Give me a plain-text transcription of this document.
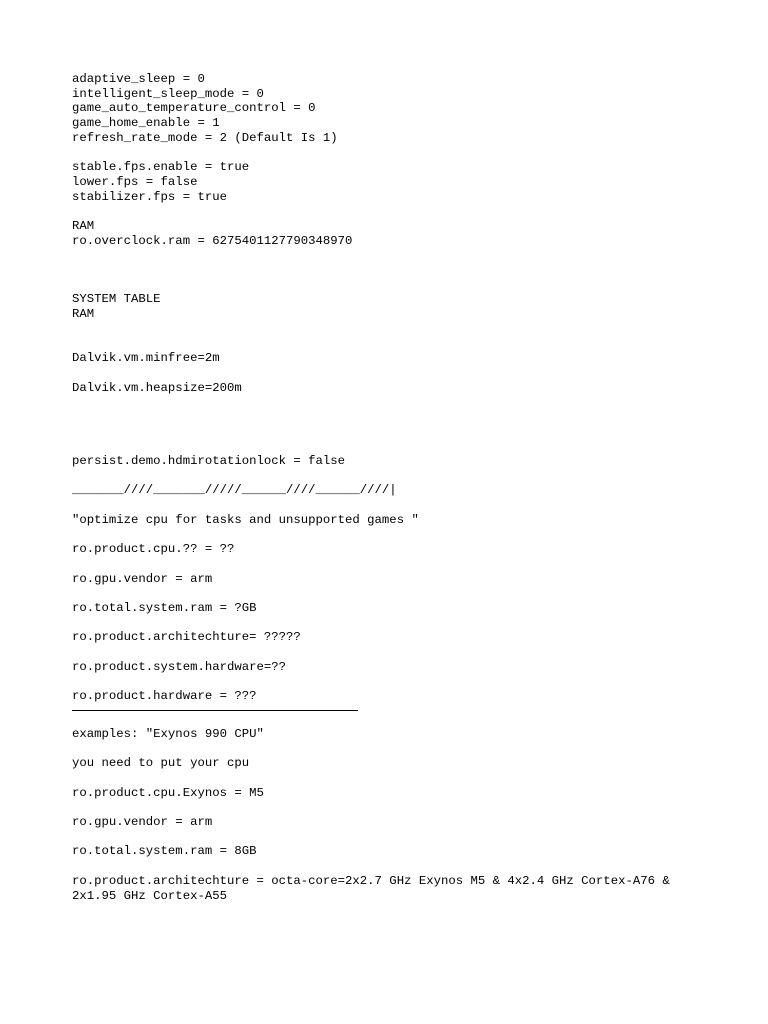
adaptive_sleep = 0

intelligent_sleep_mode = 0

game_auto_temperature_control = 0

game_home_enable = 1

refresh_rate_mode = 2 (Default Is 1)

stable.fps.enable = true

lower.fps = false

stabilizer.fps = true

RAM

ro.overclock.ram = 6275401127790348970

SYSTEM TABLE

RAM

Dalvik.vm.minfree=2m

Dalvik.vm.heapsize=200m

persist.demo.hdmirotationlock = false

_______////_______/////______////______////|

"optimize cpu for tasks and unsupported games "

ro.product.cpu.?? = ??

ro.gpu.vendor = arm

ro.total.system.ram = ?GB

ro.product.architechture= ?????

ro.product.system.hardware=??

ro.product.hardware = ???

examples: "Exynos 990 CPU"

you need to put your cpu

ro.product.cpu.Exynos = M5

ro.gpu.vendor = arm

ro.total.system.ram = 8GB

ro.product.architechture = octa-core=2x2.7 GHz Exynos M5 & 4x2.4 GHz Cortex-A76 & 2x1.95 GHz Cortex-A55
